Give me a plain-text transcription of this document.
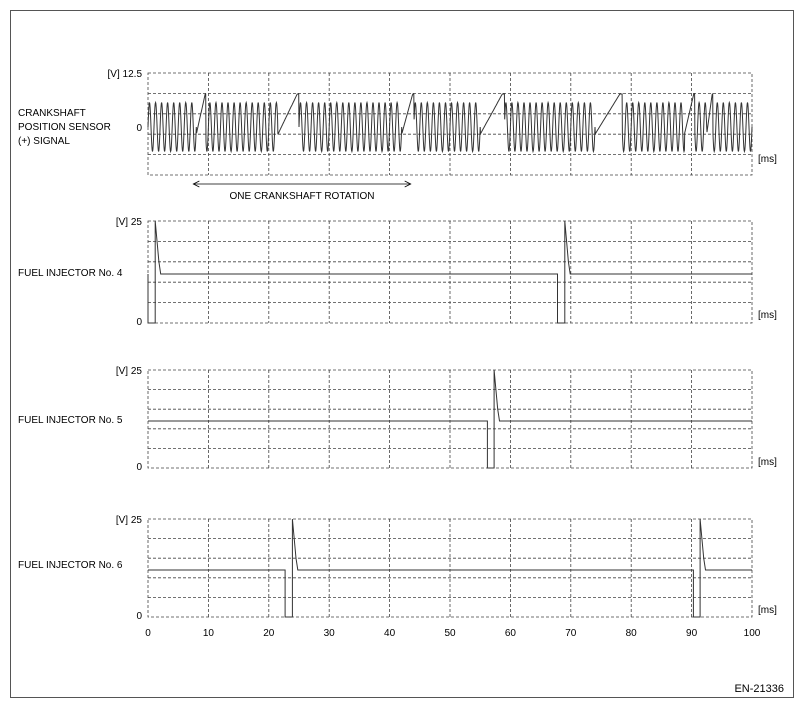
[V] 12.5
0
[ms]
CRANKSHAFT
POSITION SENSOR
(+) SIGNAL
[V] 25
0
[ms]
FUEL INJECTOR No. 4
[V] 25
0	[ms]
FUEL INJECTOR No. 5
[V] 25
0
[ms]
FUEL INJECTOR No. 6
0	10	20	30	40	50	60	70	80	90	100
ONE CRANKSHAFT ROTATION
EN-21336
